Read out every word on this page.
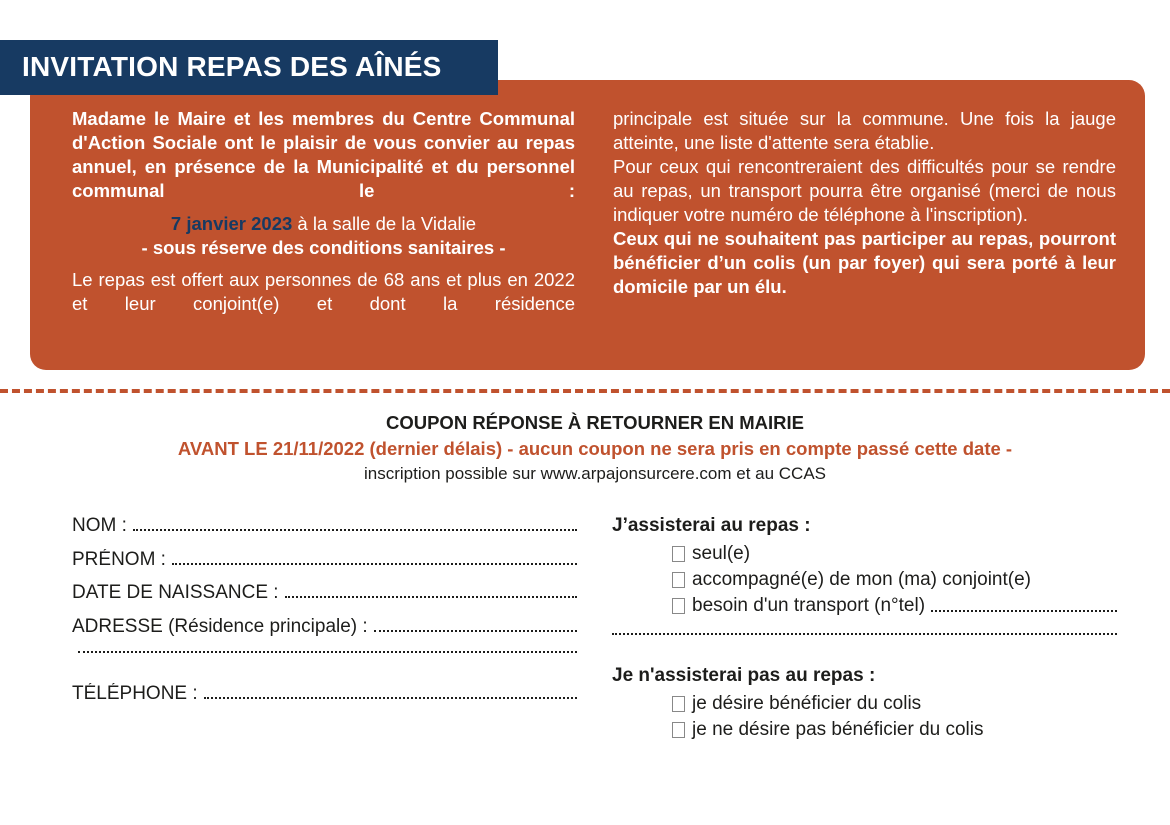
INVITATION REPAS DES AÎNÉS

Madame le Maire et les membres du Centre Communal d'Action Sociale ont le plaisir de vous convier au repas annuel, en présence de la Municipalité et du personnel communal le :

7 janvier 2023 à la salle de la Vidalie

- sous réserve des conditions sanitaires -

Le repas est offert aux personnes de 68 ans et plus en 2022 et leur conjoint(e) et dont la résidence

principale est située sur la commune. Une fois la jauge atteinte, une liste d'attente sera établie.

Pour ceux qui rencontreraient des difficultés pour se rendre au repas, un transport pourra être organisé (merci de nous indiquer votre numéro de téléphone à l'inscription).

Ceux qui ne souhaitent pas participer au repas, pourront bénéficier d’un colis (un par foyer) qui sera porté à leur domicile par un élu.

COUPON RÉPONSE À RETOURNER EN MAIRIE
AVANT LE 21/11/2022 (dernier délais) - aucun coupon ne sera pris en compte passé cette date -
inscription possible sur www.arpajonsurcere.com et au CCAS
NOM :
PRÉNOM :
DATE DE NAISSANCE :
ADRESSE (Résidence principale) :
TÉLÉPHONE :
J’assisterai au repas :
seul(e)
accompagné(e) de mon (ma) conjoint(e)
besoin d'un transport (n°tel)
Je n'assisterai pas au repas :
je désire bénéficier du colis
je ne désire pas bénéficier du colis
